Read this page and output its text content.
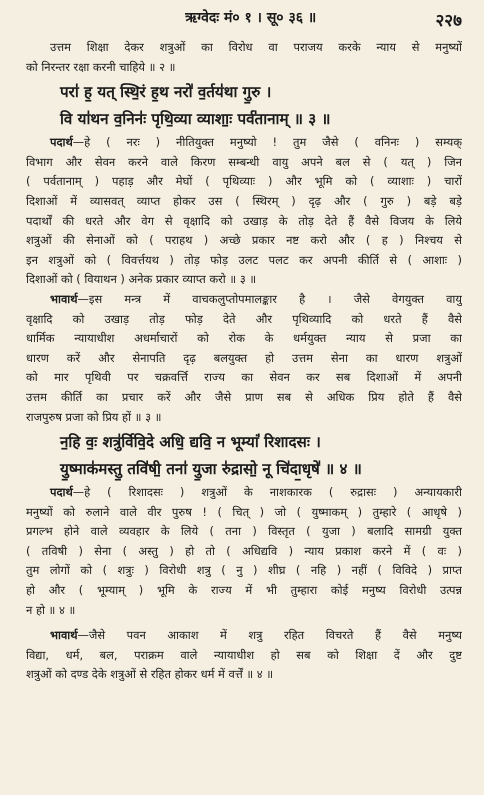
ऋग्वेदः मं० १ । सू० ३६ ॥	२२७
उत्तम शिक्षा देकर शत्रुओं का विरोध वा पराजय करके न्याय से मनुष्यों
को निरन्तर रक्षा करनी चाहिये ॥ २ ॥
परा॑ ह॒ यत् स्थि॒रं ह॒थ नरो॑ व॒र्तय॑था गु॒रु ।
वि या॑थन व॒निनः॑ पृथि॒व्या व्याशाः॒ पर्व॑तानाम् ॥ ३ ॥
पदार्थ—हे ( नरः ) नीतियुक्त मनुष्यो ! तुम जैसे ( वनिनः ) सम्यक्
विभाग और सेवन करने वाले किरण सम्बन्धी वायु अपने बल से ( यत् ) जिन
( पर्वतानाम् ) पहाड़ और मेघों ( पृथिव्याः ) और भूमि को ( व्याशाः ) चारों
दिशाओं में व्यासवत् व्याप्त होकर उस ( स्थिरम् ) दृढ़ और ( गुरु ) बड़े बड़े
पदार्थों की धरते और वेग से वृक्षादि को उखाड़ के तोड़ देते हैं वैसे विजय के लिये
शत्रुओं की सेनाओं को ( पराहथ ) अच्छे प्रकार नष्ट करो और ( ह ) निश्चय से
इन शत्रुओं को ( विवर्त्तयथ ) तोड़ फोड़ उलट पलट कर अपनी कीर्ति से ( आशाः )
दिशाओं को ( वियाथन ) अनेक प्रकार व्याप्त करो ॥ ३ ॥
भावार्थ—इस मन्त्र में वाचकलुप्तोपमालङ्कार है । जैसे वेगयुक्त वायु
वृक्षादि को उखाड़ तोड़ फोड़ देते और पृथिव्यादि को धरते हैं वैसे
धार्मिक न्यायाधीश अधर्माचारों को रोक के धर्मयुक्त न्याय से प्रजा का
धारण करें और सेनापति दृढ़ बलयुक्त हो उत्तम सेना का धारण शत्रुओं
को मार पृथिवी पर चक्रवर्त्ति राज्य का सेवन कर सब दिशाओं में अपनी
उत्तम कीर्ति का प्रचार करें और जैसे प्राण सब से अधिक प्रिय होते हैं वैसे
राजपुरुष प्रजा को प्रिय हों ॥ ३ ॥
न॒हि वः॒ शत्रु॑र्विवि॒दे अधि॒ द्यवि॒ न भूम्यां॑ रिशादसः ।
यु॒ष्माक॑मस्तु॒ तवि॑षी॒ तना॑ यु॒जा रु॑द्रासो॒ नू चि॑दा॒धृषे॑ ॥ ४ ॥
पदार्थ—हे ( रिशादसः ) शत्रुओं के नाशकारक ( रुद्रासः ) अन्यायकारी
मनुष्यों को रुलाने वाले वीर पुरुष ! ( चित् ) जो ( युष्माकम् ) तुम्हारे ( आधृषे )
प्रगल्भ होने वाले व्यवहार के लिये ( तना ) विस्तृत ( युजा ) बलादि सामग्री युक्त
( तविषी ) सेना ( अस्तु ) हो तो ( अधिद्यवि ) न्याय प्रकाश करने में ( वः )
तुम लोगों को ( शत्रुः ) विरोधी शत्रु ( नु ) शीघ्र ( नहि ) नहीं ( विविदे ) प्राप्त
हो और ( भूम्याम् ) भूमि के राज्य में भी तुम्हारा कोई मनुष्य विरोधी उत्पन्न
न हो ॥ ४ ॥
भावार्थ—जैसे पवन आकाश में शत्रु रहित विचरते हैं वैसे मनुष्य
विद्या, धर्म, बल, पराक्रम वाले न्यायाधीश हो सब को शिक्षा दें और दुष्ट
शत्रुओं को दण्ड देके शत्रुओं से रहित होकर धर्म में वर्त्तें ॥ ४ ॥
